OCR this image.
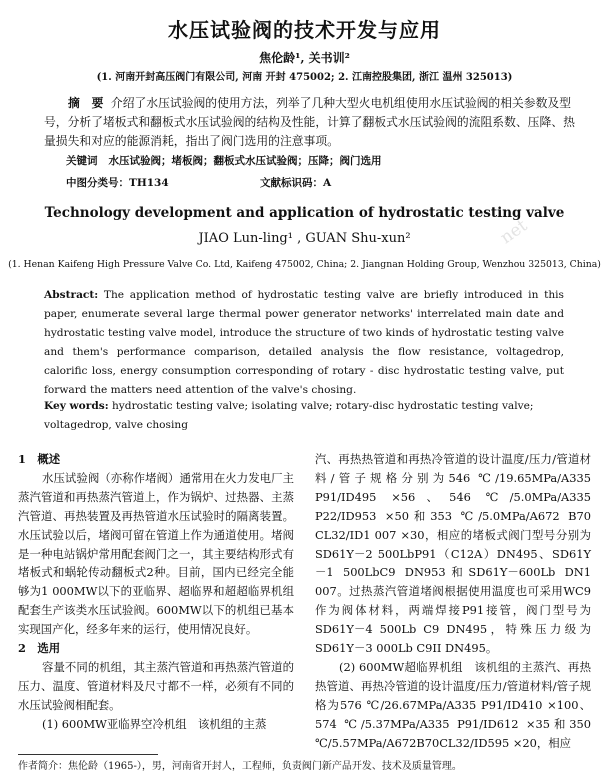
水压试验阀的技术开发与应用
焦伦龄¹, 关书训²
(1. 河南开封高压阀门有限公司, 河南 开封 475002; 2. 江南控股集团, 浙江 温州 325013)
摘　要 介绍了水压试验阀的使用方法，列举了几种大型火电机组使用水压试验阀的相关参数及型号，分析了堵板式和翻板式水压试验阀的结构及性能，计算了翻板式水压试验阀的流阻系数、压降、热量损失和对应的能源消耗，指出了阀门选用的注意事项。
关键词 水压试验阀；堵板阀；翻板式水压试验阀；压降；阀门选用
中图分类号：TH134	文献标识码：A
net
Technology development and application of hydrostatic testing valve
JIAO Lun-ling¹ , GUAN Shu-xun²
(1. Henan Kaifeng High Pressure Valve Co. Ltd, Kaifeng 475002, China; 2. Jiangnan Holding Group, Wenzhou 325013, China)
Abstract: The application method of hydrostatic testing valve are briefly introduced in this paper, enumerate several large thermal power generator networks' interrelated main date and hydrostatic testing valve model, introduce the structure of two kinds of hydrostatic testing valve and them's performance comparison, detailed analysis the flow resistance, voltagedrop, calorific loss, energy consumption corresponding of rotary - disc hydrostatic testing valve, put forward the matters need attention of the valve's chosing.
Key words: hydrostatic testing valve; isolating valve; rotary-disc hydrostatic testing valve; voltagedrop, valve chosing

1　概述

水压试验阀（亦称作堵阀）通常用在火力发电厂主蒸汽管道和再热蒸汽管道上，作为锅炉、过热器、主蒸汽管道、再热装置及再热管道水压试验时的隔离装置。水压试验以后，堵阀可留在管道上作为通道使用。堵阀是一种电站锅炉常用配套阀门之一，其主要结构形式有堵板式和蜗轮传动翻板式2种。目前，国内已经完全能够为1 000MW以下的亚临界、超临界和超超临界机组配套生产该类水压试验阀。600MW以下的机组已基本实现国产化，经多年来的运行，使用情况良好。

2　选用

容量不同的机组，其主蒸汽管道和再热蒸汽管道的压力、温度、管道材料及尺寸都不一样，必须有不同的水压试验阀相配套。

(1) 600MW亚临界空冷机组　该机组的主蒸

汽、再热热管道和再热冷管道的设计温度/压力/管道材料/管子规格分别为546 ℃/19.65MPa/A335 P91/ID495 ×56、546 ℃/5.0MPa/A335 P22/ID953 ×50和353 ℃/5.0MPa/A672 B70 CL32/ID1 007 ×30，相应的堵板式阀门型号分别为SD61Y－2 500LbP91（C12A）DN495、SD61Y－1 500LbC9 DN953和SD61Y－600Lb DN1 007。过热蒸汽管道堵阀根据使用温度也可采用WC9作为阀体材料，两端焊接P91接管，阀门型号为SD61Y－4 500Lb C9 DN495，特殊压力级为SD61Y－3 000Lb C9II DN495。

(2) 600MW超临界机组　该机组的主蒸汽、再热热管道、再热冷管道的设计温度/压力/管道材料/管子规格为576 ℃/26.67MPa/A335 P91/ID410 ×100、574 ℃/5.37MPa/A335 P91/ID612 ×35和350 ℃/5.57MPa/A672B70CL32/ID595 ×20，相应

作者简介：焦伦龄（1965-），男，河南省开封人，工程师，负责阀门新产品开发、技术及质量管理。
